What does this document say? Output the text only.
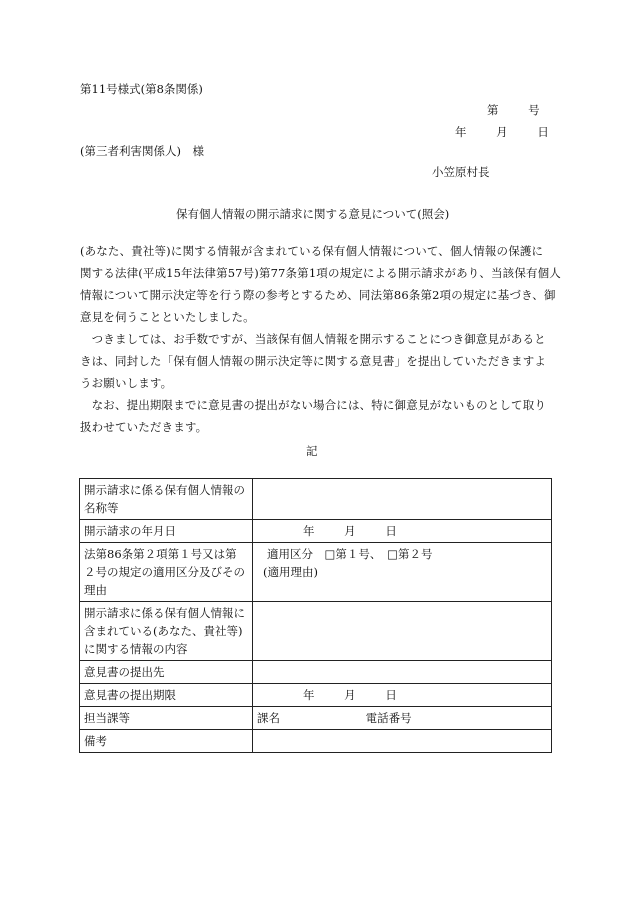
第11号様式(第8条関係)
第	号
年	月	日
(第三者利害関係人)　様
小笠原村長
保有個人情報の開示請求に関する意見について(照会)
(あなた、貴社等)に関する情報が含まれている保有個人情報について、個人情報の保護に
関する法律(平成15年法律第57号)第77条第1項の規定による開示請求があり、当該保有個人
情報について開示決定等を行う際の参考とするため、同法第86条第2項の規定に基づき、御
意見を伺うことといたしました。
　つきましては、お手数ですが、当該保有個人情報を開示することにつき御意見があると
きは、同封した「保有個人情報の開示決定等に関する意見書」を提出していただきますよ
うお願いします。
　なお、提出期限までに意見書の提出がない場合には、特に御意見がないものとして取り
扱わせていただきます。
記
開示請求に係る保有個人情報の名称等	
開示請求の年月日	年 月 日
法第86条第２項第１号又は第２号の規定の適用区分及びその理由	適用区分　□第１号、　□第２号
(適用理由)

開示請求に係る保有個人情報に含まれている(あなた、貴社等)に関する情報の内容	
意見書の提出先	
意見書の提出期限	年 月 日
担当課等	課名 電話番号
備考	
